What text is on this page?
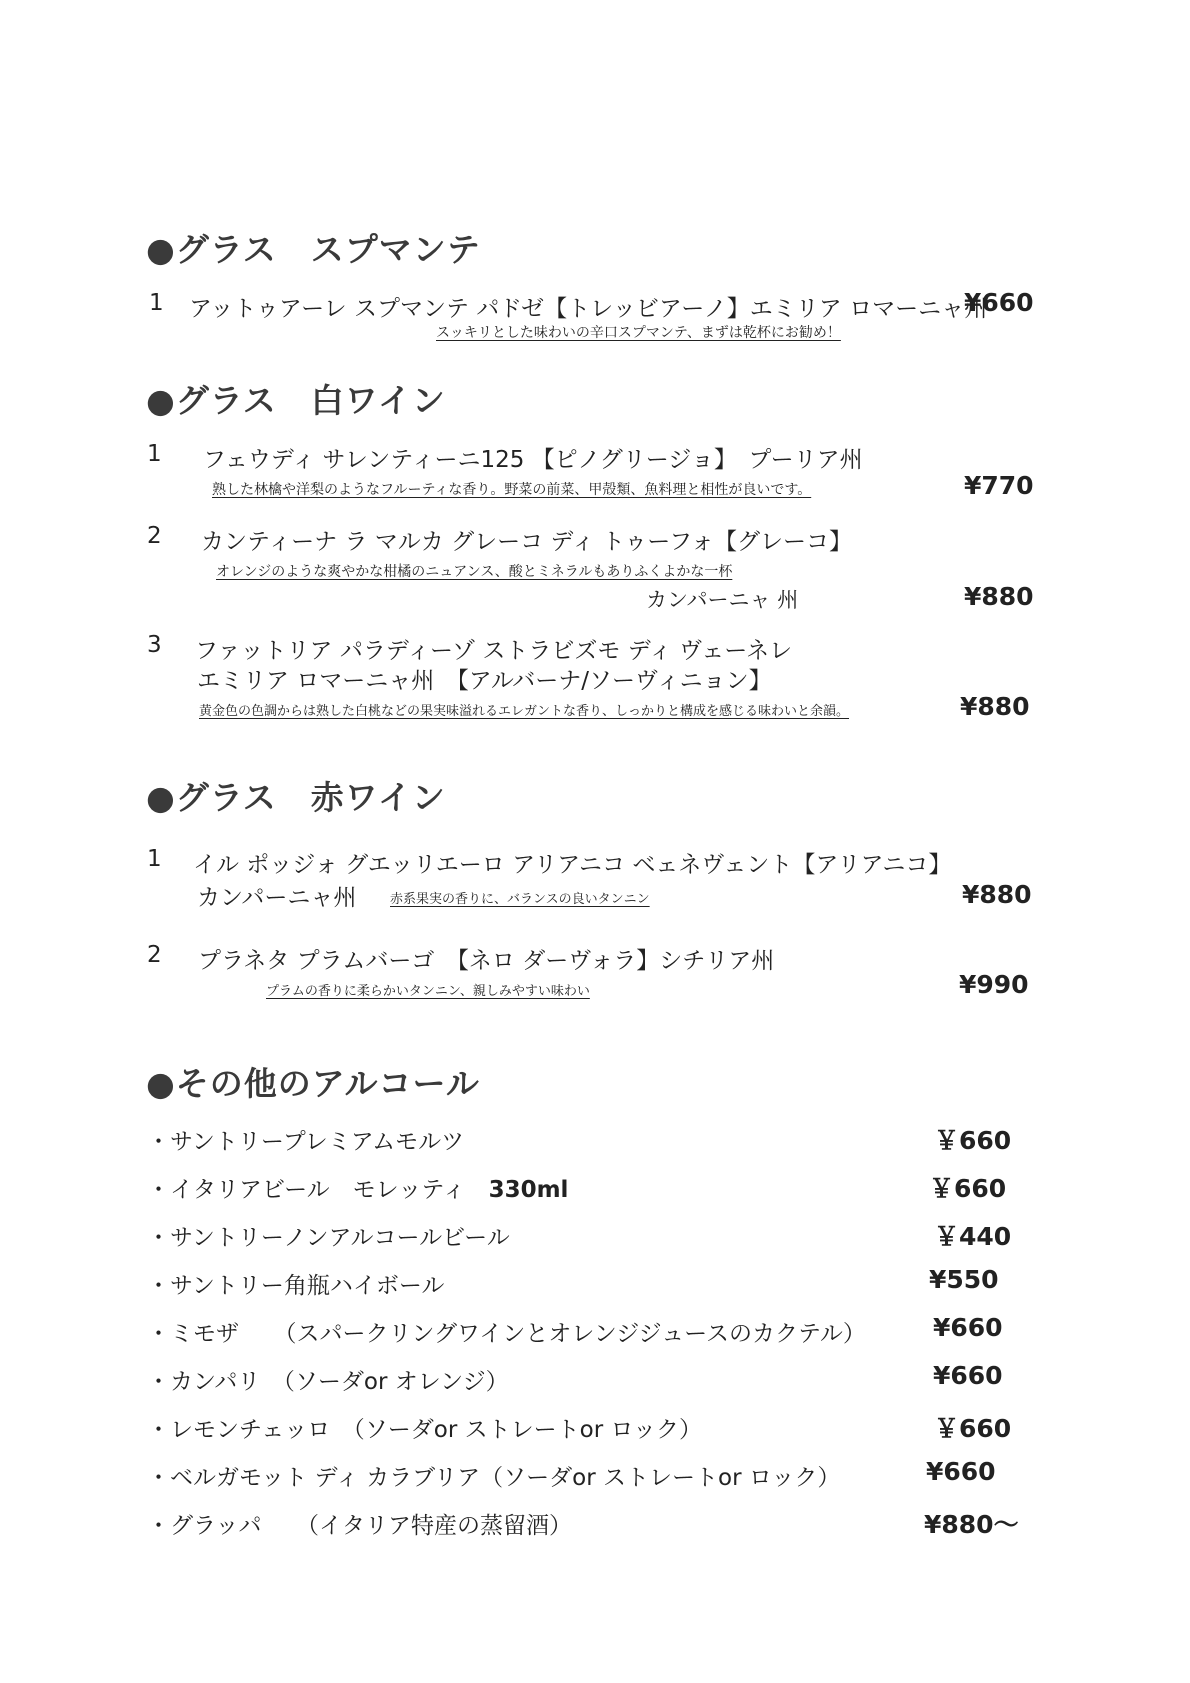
●グラス　スプマンテ
1 アットゥアーレ スプマンテ パドゼ【トレッビアーノ】エミリア ロマーニャ州
¥660
スッキリとした味わいの辛口スプマンテ、まずは乾杯にお勧め！
●グラス　白ワイン
1 フェウディ サレンティーニ125 【ピノグリージョ】　プーリア州
熟した林檎や洋梨のようなフルーティな香り。野菜の前菜、甲殻類、魚料理と相性が良いです。	¥770
2 カンティーナ ラ マルカ グレーコ ディ トゥーフォ【グレーコ】
オレンジのような爽やかな柑橘のニュアンス、酸とミネラルもありふくよかな一杯
カンパーニャ 州	¥880
3 ファットリア パラディーゾ ストラビズモ ディ ヴェーネレ
エミリア ロマーニャ州　【アルバーナ/ソーヴィニョン】
黄金色の色調からは熟した白桃などの果実味溢れるエレガントな香り、しっかりと構成を感じる味わいと余韻。	¥880
●グラス　赤ワイン
1 イル ポッジォ グエッリエーロ アリアニコ ベェネヴェント【アリアニコ】
カンパーニャ州	赤系果実の香りに、バランスの良いタンニン	¥880
2 プラネタ プラムバーゴ　【ネロ ダーヴォラ】シチリア州
プラムの香りに柔らかいタンニン、親しみやすい味わい	¥990
●その他のアルコール
・サントリープレミアムモルツ	￥660
・イタリアビール　モレッティ　330ml	￥660
・サントリーノンアルコールビール	￥440
・サントリー角瓶ハイボール	¥550
・ミモザ　　（スパークリングワインとオレンジジュースのカクテル）	¥660
・カンパリ　（ソーダor オレンジ）	¥660
・レモンチェッロ　（ソーダor ストレートor ロック）	￥660
・ベルガモット ディ カラブリア（ソーダor ストレートor ロック）	¥660
・グラッパ　　（イタリア特産の蒸留酒）	¥880〜
